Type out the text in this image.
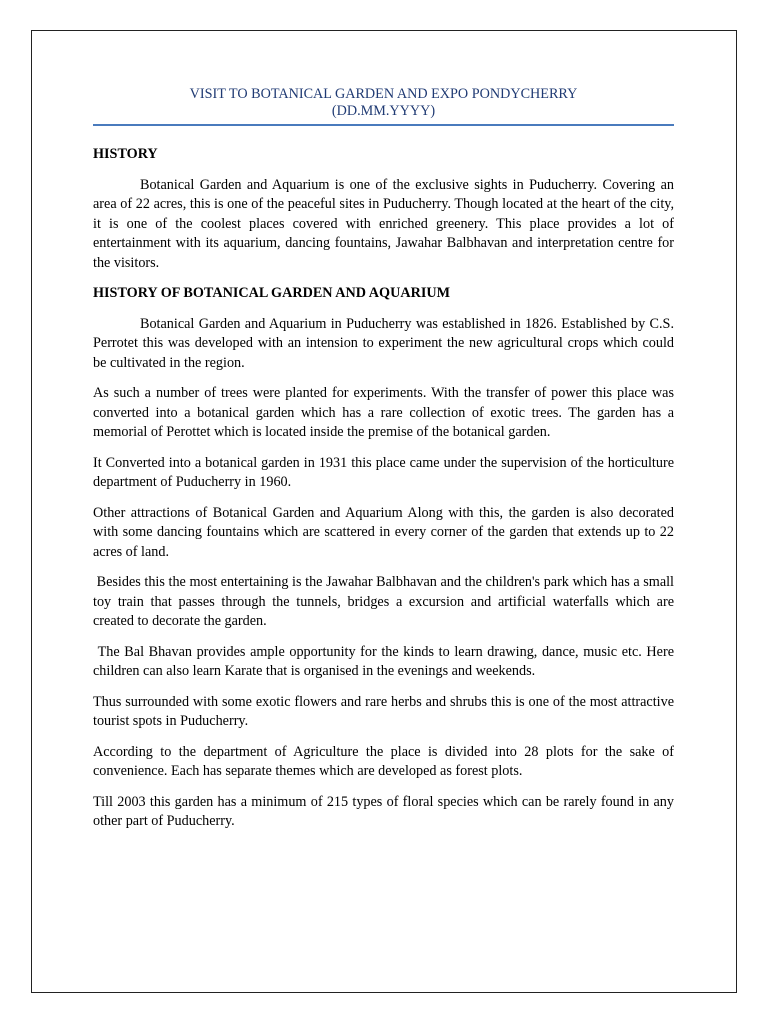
VISIT TO BOTANICAL GARDEN AND EXPO PONDYCHERRY
(DD.MM.YYYY)
HISTORY

Botanical Garden and Aquarium is one of the exclusive sights in Puducherry. Covering an area of 22 acres, this is one of the peaceful sites in Puducherry. Though located at the heart of the city, it is one of the coolest places covered with enriched greenery. This place provides a lot of entertainment with its aquarium, dancing fountains, Jawahar Balbhavan and interpretation centre for the visitors.

HISTORY OF BOTANICAL GARDEN AND AQUARIUM

Botanical Garden and Aquarium in Puducherry was established in 1826. Established by C.S. Perrotet this was developed with an intension to experiment the new agricultural crops which could be cultivated in the region.

As such a number of trees were planted for experiments. With the transfer of power this place was converted into a botanical garden which has a rare collection of exotic trees. The garden has a memorial of Perottet which is located inside the premise of the botanical garden.

It Converted into a botanical garden in 1931 this place came under the supervision of the horticulture department of Puducherry in 1960.

Other attractions of Botanical Garden and Aquarium Along with this, the garden is also decorated with some dancing fountains which are scattered in every corner of the garden that extends up to 22 acres of land.

Besides this the most entertaining is the Jawahar Balbhavan and the children's park which has a small toy train that passes through the tunnels, bridges a excursion and artificial waterfalls which are created to decorate the garden.

The Bal Bhavan provides ample opportunity for the kinds to learn drawing, dance, music etc. Here children can also learn Karate that is organised in the evenings and weekends.

Thus surrounded with some exotic flowers and rare herbs and shrubs this is one of the most attractive tourist spots in Puducherry.

According to the department of Agriculture the place is divided into 28 plots for the sake of convenience. Each has separate themes which are developed as forest plots.

Till 2003 this garden has a minimum of 215 types of floral species which can be rarely found in any other part of Puducherry.
